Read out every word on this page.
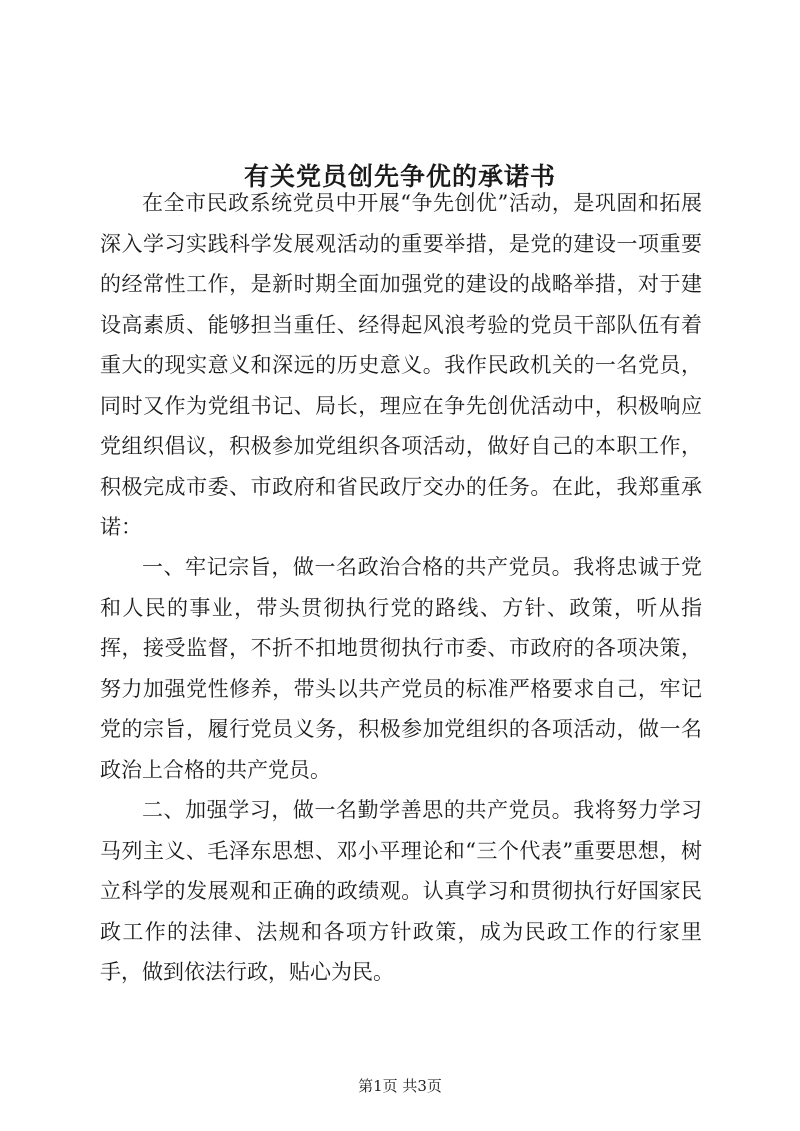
有关党员创先争优的承诺书

在全市民政系统党员中开展“争先创优”活动，是巩固和拓展深入学习实践科学发展观活动的重要举措，是党的建设一项重要的经常性工作，是新时期全面加强党的建设的战略举措，对于建设高素质、能够担当重任、经得起风浪考验的党员干部队伍有着重大的现实意义和深远的历史意义。我作民政机关的一名党员，同时又作为党组书记、局长，理应在争先创优活动中，积极响应党组织倡议，积极参加党组织各项活动，做好自己的本职工作，积极完成市委、市政府和省民政厅交办的任务。在此，我郑重承诺：

一、牢记宗旨，做一名政治合格的共产党员。我将忠诚于党和人民的事业，带头贯彻执行党的路线、方针、政策，听从指挥，接受监督，不折不扣地贯彻执行市委、市政府的各项决策，努力加强党性修养，带头以共产党员的标准严格要求自己，牢记党的宗旨，履行党员义务，积极参加党组织的各项活动，做一名政治上合格的共产党员。

二、加强学习，做一名勤学善思的共产党员。我将努力学习马列主义、毛泽东思想、邓小平理论和“三个代表”重要思想，树立科学的发展观和正确的政绩观。认真学习和贯彻执行好国家民政工作的法律、法规和各项方针政策，成为民政工作的行家里手，做到依法行政，贴心为民。

第1页 共3页
